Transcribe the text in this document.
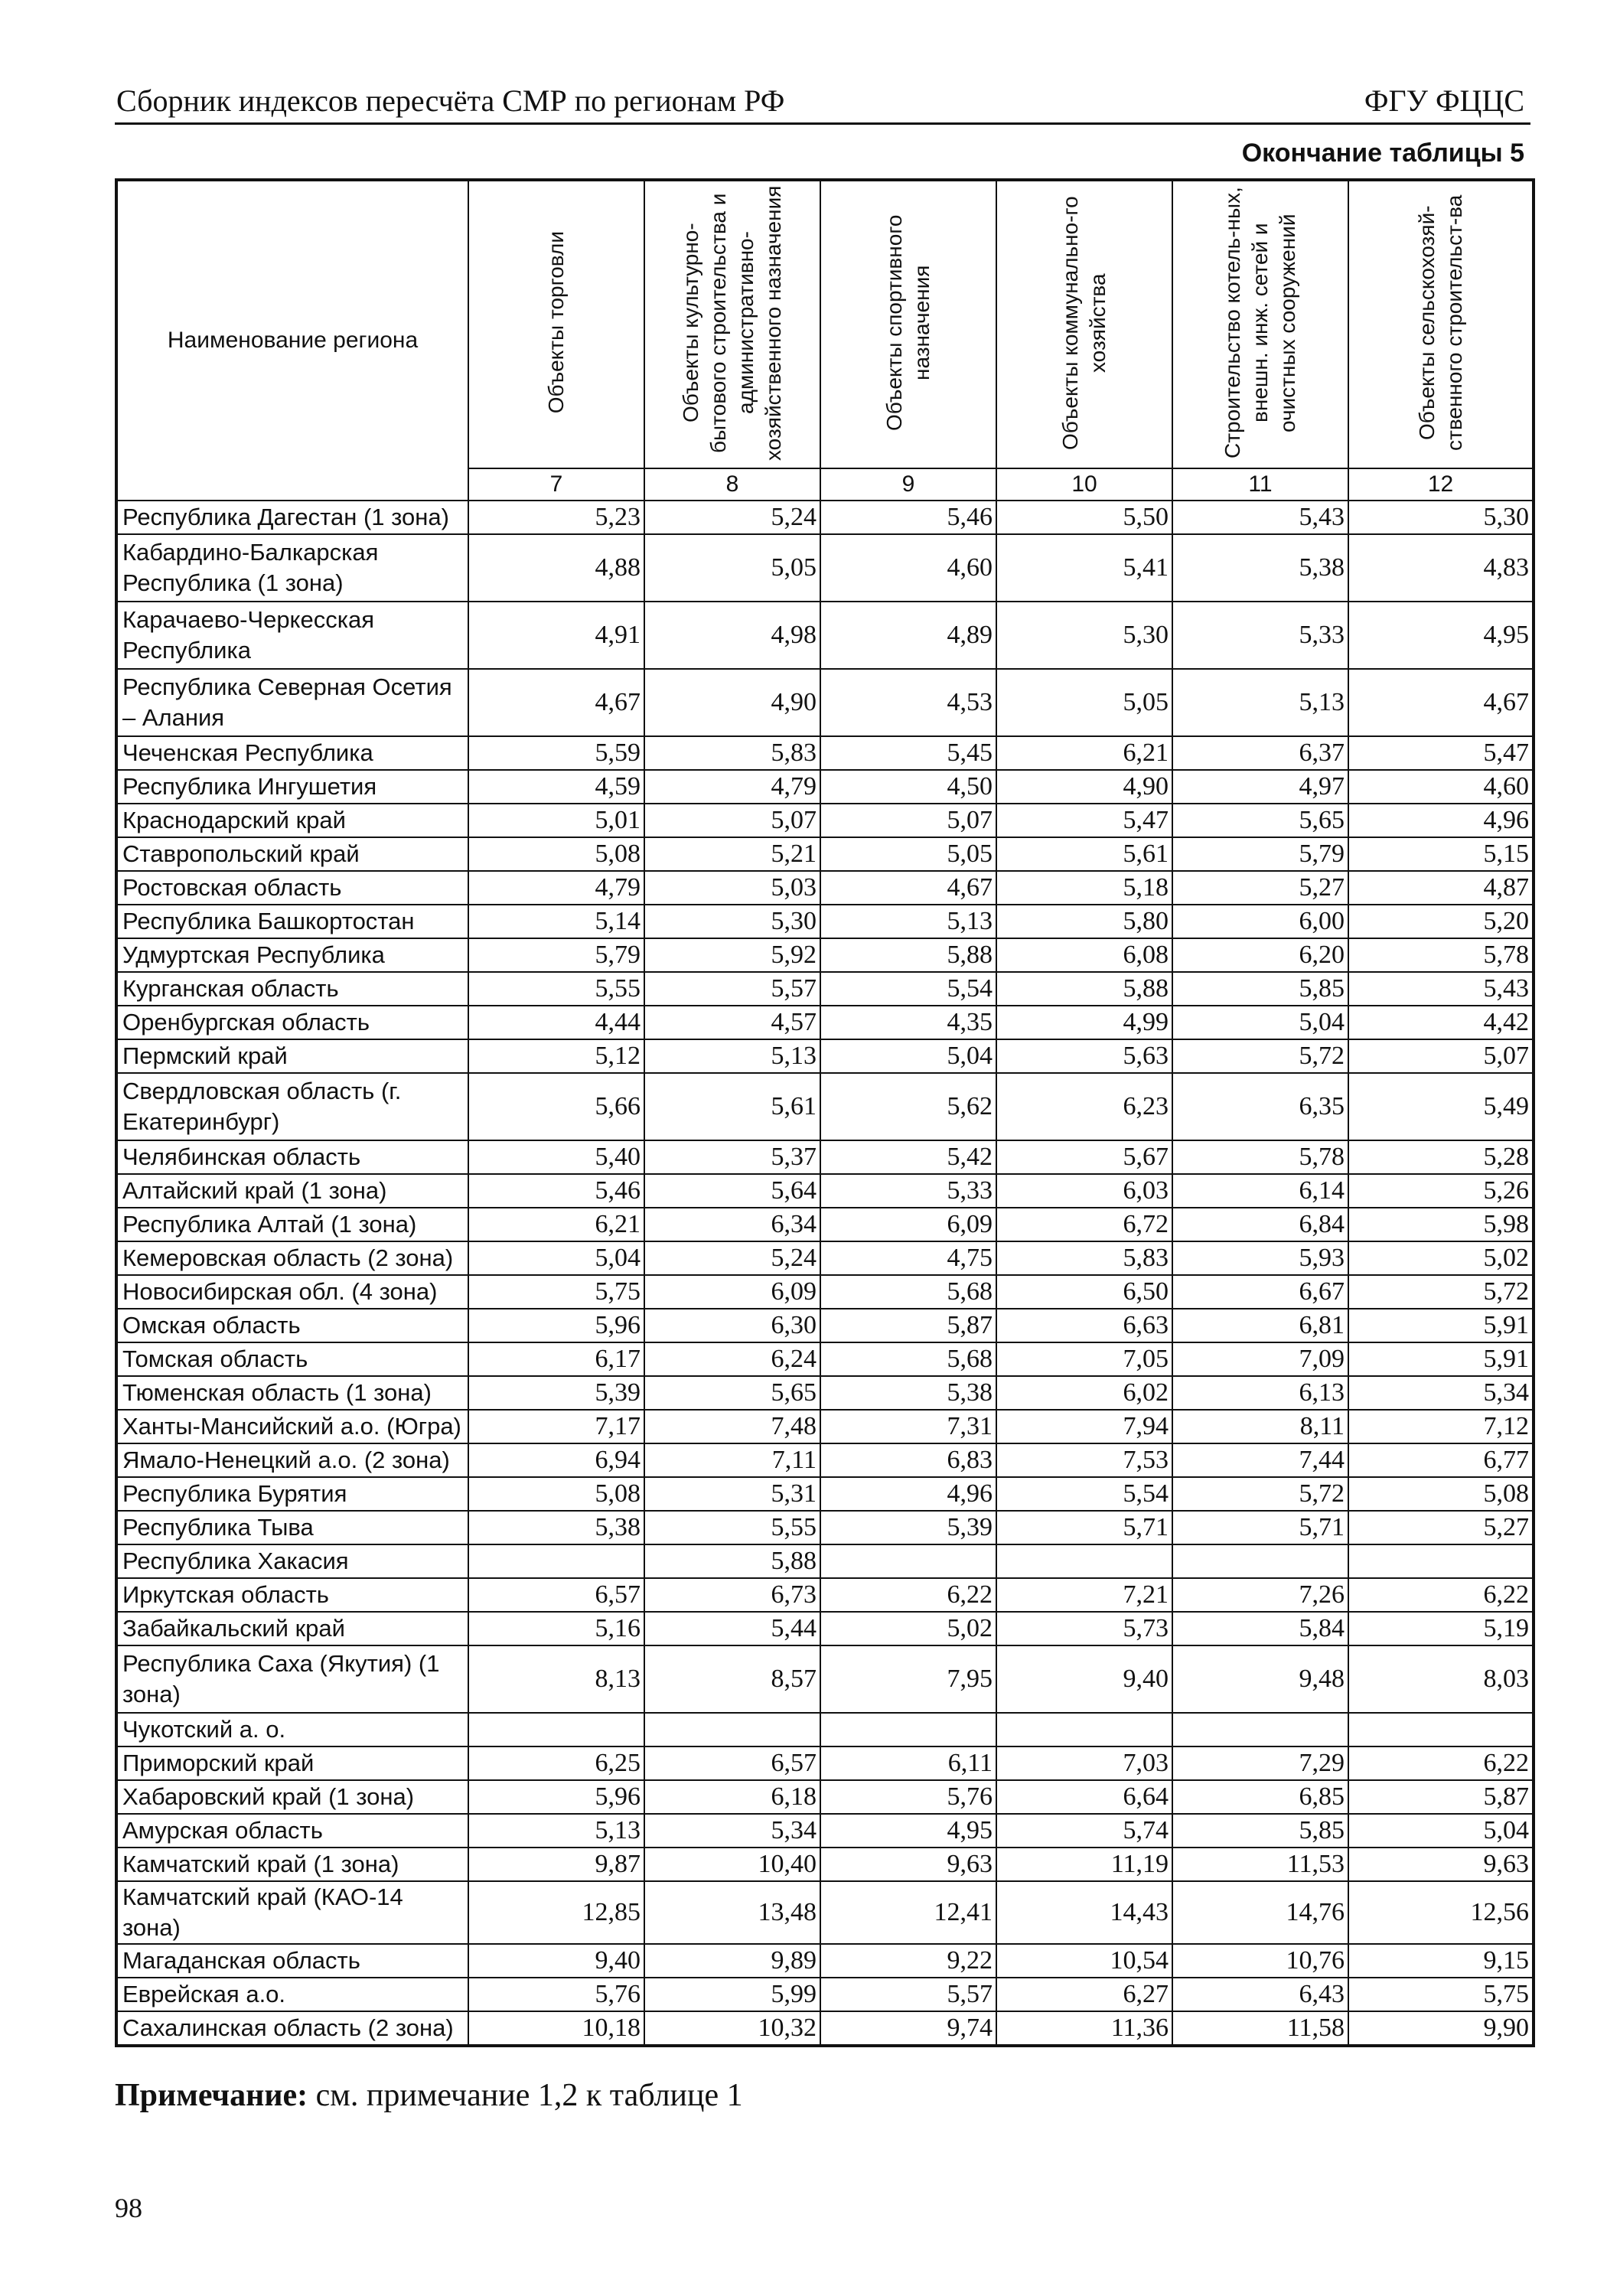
Сборник индексов пересчёта СМР по регионам РФ	ФГУ ФЦЦС
Окончание таблицы 5
Наименование региона	Объекты торговли	Объекты культурно-бытового строительства и административно-хозяйственного назначения	Объекты спортивного назначения	Объекты коммунально-го хозяйства	Строительство котель-ных, внешн. инж. сетей и очистных сооружений	Объекты сельскохозяй-ственного строительст-ва
	7	8	9	10	11	12
Республика Дагестан (1 зона)	5,23	5,24	5,46	5,50	5,43	5,30
Кабардино-Балкарская Республика (1 зона)	4,88	5,05	4,60	5,41	5,38	4,83
Карачаево-Черкесская Республика	4,91	4,98	4,89	5,30	5,33	4,95
Республика Северная Осетия – Алания	4,67	4,90	4,53	5,05	5,13	4,67
Чеченская Республика	5,59	5,83	5,45	6,21	6,37	5,47
Республика Ингушетия	4,59	4,79	4,50	4,90	4,97	4,60
Краснодарский край	5,01	5,07	5,07	5,47	5,65	4,96
Ставропольский край	5,08	5,21	5,05	5,61	5,79	5,15
Ростовская область	4,79	5,03	4,67	5,18	5,27	4,87
Республика Башкортостан	5,14	5,30	5,13	5,80	6,00	5,20
Удмуртская Республика	5,79	5,92	5,88	6,08	6,20	5,78
Курганская область	5,55	5,57	5,54	5,88	5,85	5,43
Оренбургская область	4,44	4,57	4,35	4,99	5,04	4,42
Пермский край	5,12	5,13	5,04	5,63	5,72	5,07
Свердловская область (г. Екатеринбург)	5,66	5,61	5,62	6,23	6,35	5,49
Челябинская область	5,40	5,37	5,42	5,67	5,78	5,28
Алтайский край (1 зона)	5,46	5,64	5,33	6,03	6,14	5,26
Республика Алтай (1 зона)	6,21	6,34	6,09	6,72	6,84	5,98
Кемеровская область (2 зона)	5,04	5,24	4,75	5,83	5,93	5,02
Новосибирская обл. (4 зона)	5,75	6,09	5,68	6,50	6,67	5,72
Омская область	5,96	6,30	5,87	6,63	6,81	5,91
Томская область	6,17	6,24	5,68	7,05	7,09	5,91
Тюменская область (1 зона)	5,39	5,65	5,38	6,02	6,13	5,34
Ханты-Мансийский а.о. (Югра)	7,17	7,48	7,31	7,94	8,11	7,12
Ямало-Ненецкий а.о. (2 зона)	6,94	7,11	6,83	7,53	7,44	6,77
Республика Бурятия	5,08	5,31	4,96	5,54	5,72	5,08
Республика Тыва	5,38	5,55	5,39	5,71	5,71	5,27
Республика Хакасия		5,88				
Иркутская область	6,57	6,73	6,22	7,21	7,26	6,22
Забайкальский край	5,16	5,44	5,02	5,73	5,84	5,19
Республика Саха (Якутия) (1 зона)	8,13	8,57	7,95	9,40	9,48	8,03
Чукотский а. о.						
Приморский край	6,25	6,57	6,11	7,03	7,29	6,22
Хабаровский край (1 зона)	5,96	6,18	5,76	6,64	6,85	5,87
Амурская область	5,13	5,34	4,95	5,74	5,85	5,04
Камчатский край (1 зона)	9,87	10,40	9,63	11,19	11,53	9,63
Камчатский край (КАО-14 зона)	12,85	13,48	12,41	14,43	14,76	12,56
Магаданская область	9,40	9,89	9,22	10,54	10,76	9,15
Еврейская а.о.	5,76	5,99	5,57	6,27	6,43	5,75
Сахалинская область (2 зона)	10,18	10,32	9,74	11,36	11,58	9,90
Примечание: см. примечание 1,2 к таблице 1
98
